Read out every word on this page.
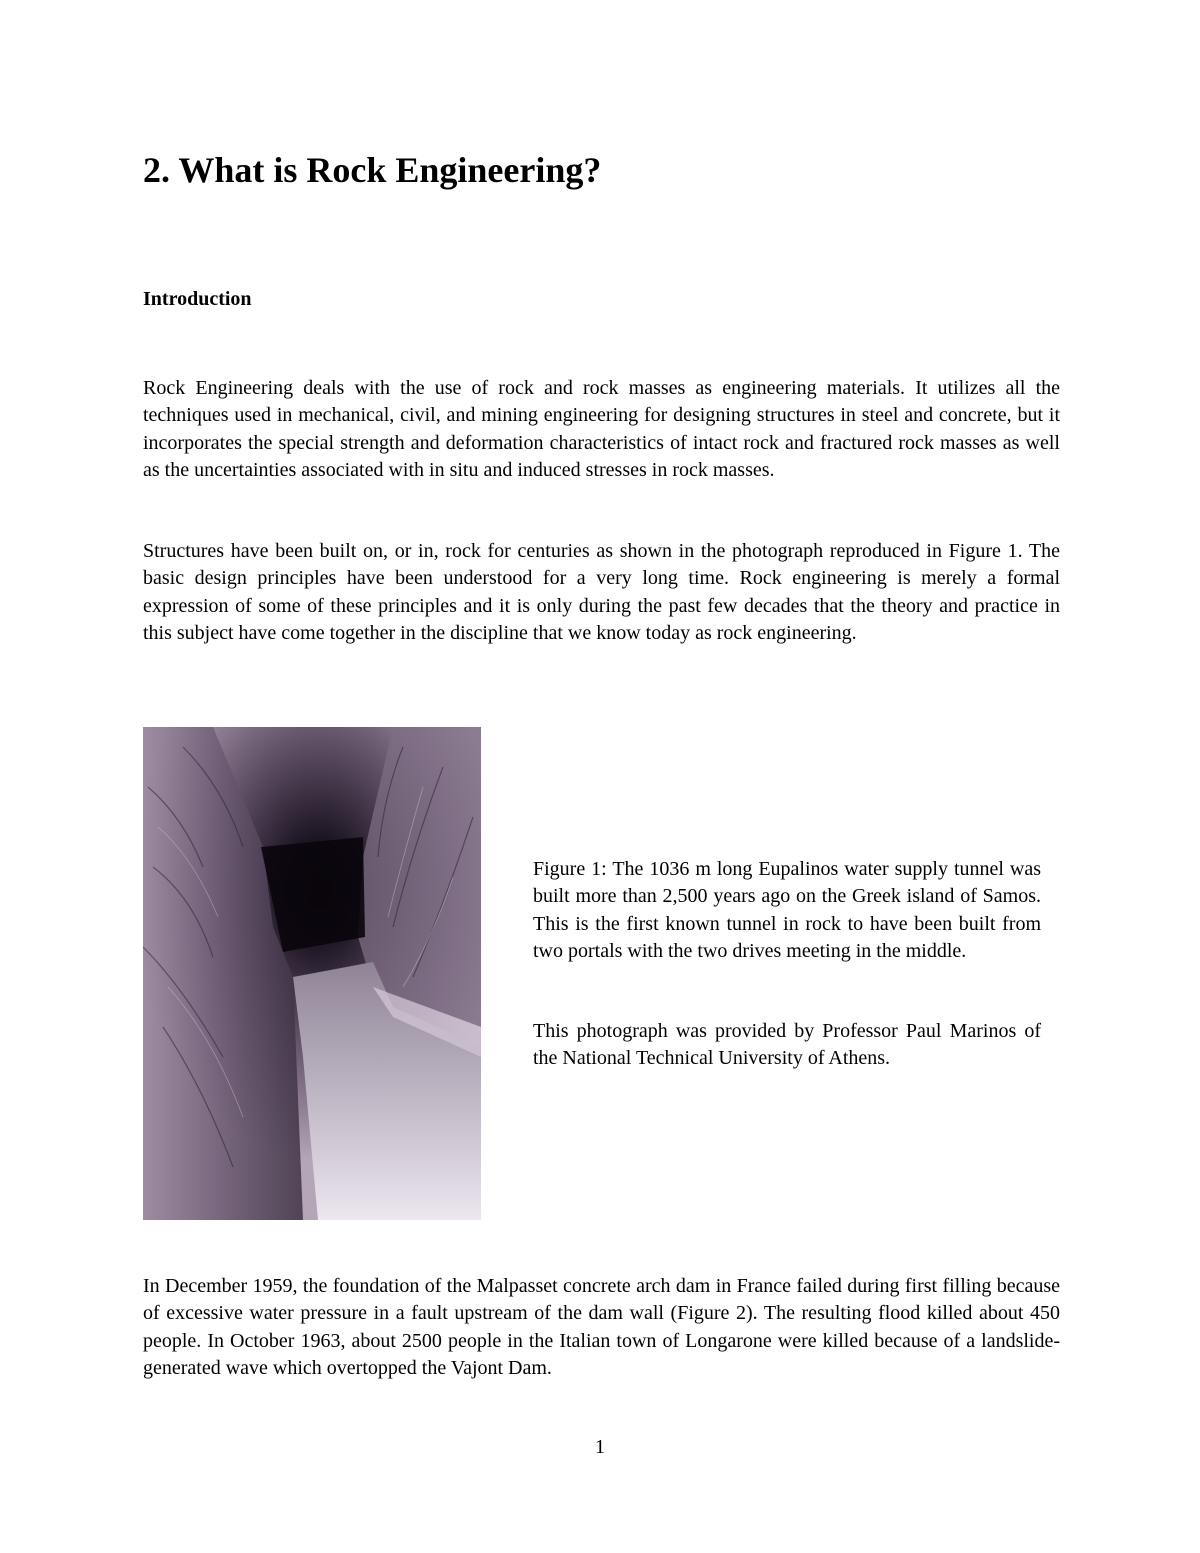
2. What is Rock Engineering?
Introduction

Rock Engineering deals with the use of rock and rock masses as engineering materials. It utilizes all the techniques used in mechanical, civil, and mining engineering for designing structures in steel and concrete, but it incorporates the special strength and deformation characteristics of intact rock and fractured rock masses as well as the uncertainties associated with in situ and induced stresses in rock masses.

Structures have been built on, or in, rock for centuries as shown in the photograph reproduced in Figure 1. The basic design principles have been understood for a very long time. Rock engineering is merely a formal expression of some of these principles and it is only during the past few decades that the theory and practice in this subject have come together in the discipline that we know today as rock engineering.

Figure 1: The 1036 m long Eupalinos water supply tunnel was built more than 2,500 years ago on the Greek island of Samos. This is the first known tunnel in rock to have been built from two portals with the two drives meeting in the middle.

This photograph was provided by Professor Paul Marinos of the National Technical University of Athens.

In December 1959, the foundation of the Malpasset concrete arch dam in France failed during first filling because of excessive water pressure in a fault upstream of the dam wall (Figure 2). The resulting flood killed about 450 people. In October 1963, about 2500 people in the Italian town of Longarone were killed because of a landslide-generated wave which overtopped the Vajont Dam.

1
